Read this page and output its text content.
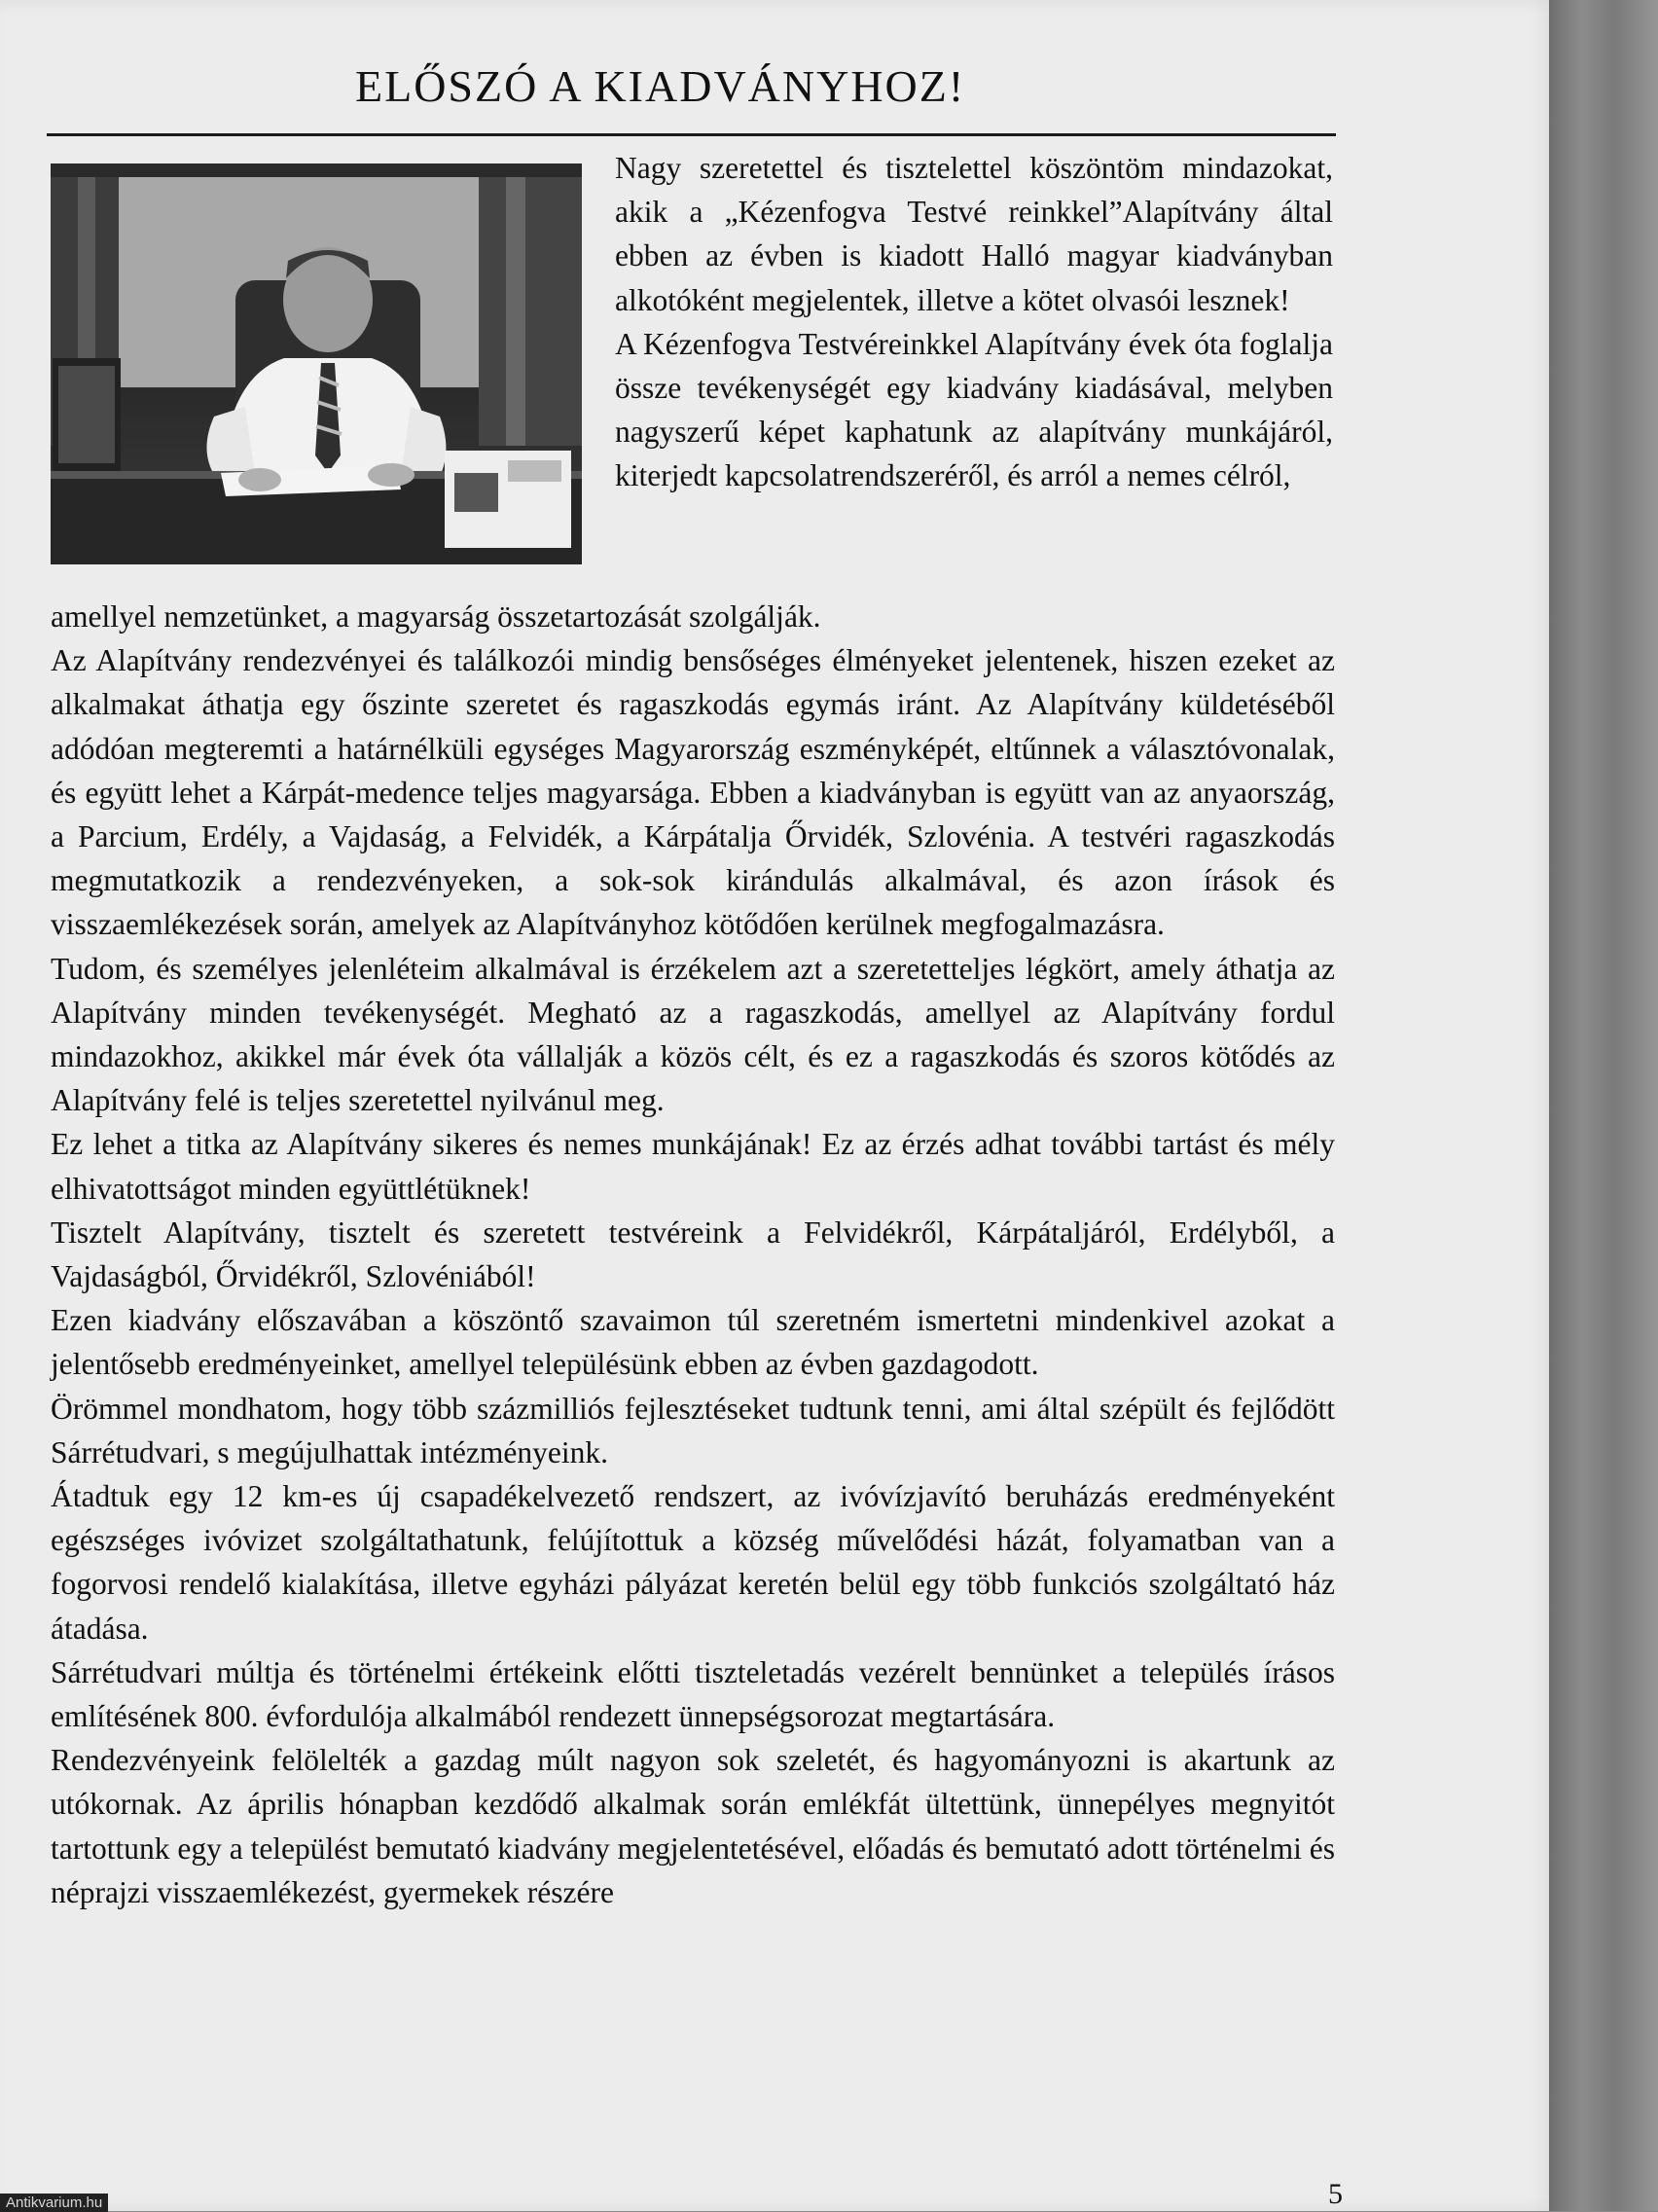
ELŐSZÓ A KIADVÁNYHOZ!

Nagy szeretettel és tisztelettel köszöntöm mindazokat, akik a „Kézenfogva Testvé reinkkel”Alapítvány által ebben az évben is kiadott Halló magyar kiadványban alkotóként megjelentek, illetve a kötet olvasói lesznek!

A Kézenfogva Testvéreinkkel Alapítvány évek óta foglalja össze tevékenységét egy kiadvány kiadásával, melyben nagyszerű képet kaphatunk az alapítvány munkájáról, kiterjedt kapcsolatrendszeréről, és arról a nemes célról,

amellyel nemzetünket, a magyarság összetartozását szolgálják.

Az Alapítvány rendezvényei és találkozói mindig bensőséges élményeket jelentenek, hiszen ezeket az alkalmakat áthatja egy őszinte szeretet és ragaszkodás egymás iránt. Az Alapítvány küldetéséből adódóan megteremti a határnélküli egységes Magyarország eszményképét, eltűnnek a választóvonalak, és együtt lehet a Kárpát-medence teljes magyarsága. Ebben a kiadványban is együtt van az anyaország, a Parcium, Erdély, a Vajdaság, a Felvidék, a Kárpátalja Őrvidék, Szlovénia. A testvéri ragaszkodás megmutatkozik a rendezvényeken, a sok-sok kirándulás alkalmával, és azon írások és visszaemlékezések során, amelyek az Alapítványhoz kötődően kerülnek megfogalmazásra.

Tudom, és személyes jelenléteim alkalmával is érzékelem azt a szeretetteljes légkört, amely áthatja az Alapítvány minden tevékenységét. Megható az a ragaszkodás, amellyel az Alapítvány fordul mindazokhoz, akikkel már évek óta vállalják a közös célt, és ez a ragaszkodás és szoros kötődés az Alapítvány felé is teljes szeretettel nyilvánul meg.

Ez lehet a titka az Alapítvány sikeres és nemes munkájának! Ez az érzés adhat további tartást és mély elhivatottságot minden együttlétüknek!

Tisztelt Alapítvány, tisztelt és szeretett testvéreink a Felvidékről, Kárpátaljáról, Erdélyből, a Vajdaságból, Őrvidékről, Szlovéniából!

Ezen kiadvány előszavában a köszöntő szavaimon túl szeretném ismertetni mindenkivel azokat a jelentősebb eredményeinket, amellyel településünk ebben az évben gazdagodott.

Örömmel mondhatom, hogy több százmilliós fejlesztéseket tudtunk tenni, ami által szépült és fejlődött Sárrétudvari, s megújulhattak intézményeink.

Átadtuk egy 12 km-es új csapadékelvezető rendszert, az ivóvízjavító beruházás eredményeként egészséges ivóvizet szolgáltathatunk, felújítottuk a község művelődési házát, folyamatban van a fogorvosi rendelő kialakítása, illetve egyházi pályázat keretén belül egy több funkciós szolgáltató ház átadása.

Sárrétudvari múltja és történelmi értékeink előtti tiszteletadás vezérelt bennünket a település írásos említésének 800. évfordulója alkalmából rendezett ünnepségsorozat megtartására.

Rendezvényeink felölelték a gazdag múlt nagyon sok szeletét, és hagyományozni is akartunk az utókornak. Az április hónapban kezdődő alkalmak során emlékfát ültettünk, ünnepélyes megnyitót tartottunk egy a települést bemutató kiadvány megjelentetésével, előadás és bemutató adott történelmi és néprajzi visszaemlékezést, gyermekek részére

5
Antikvarium.hu
